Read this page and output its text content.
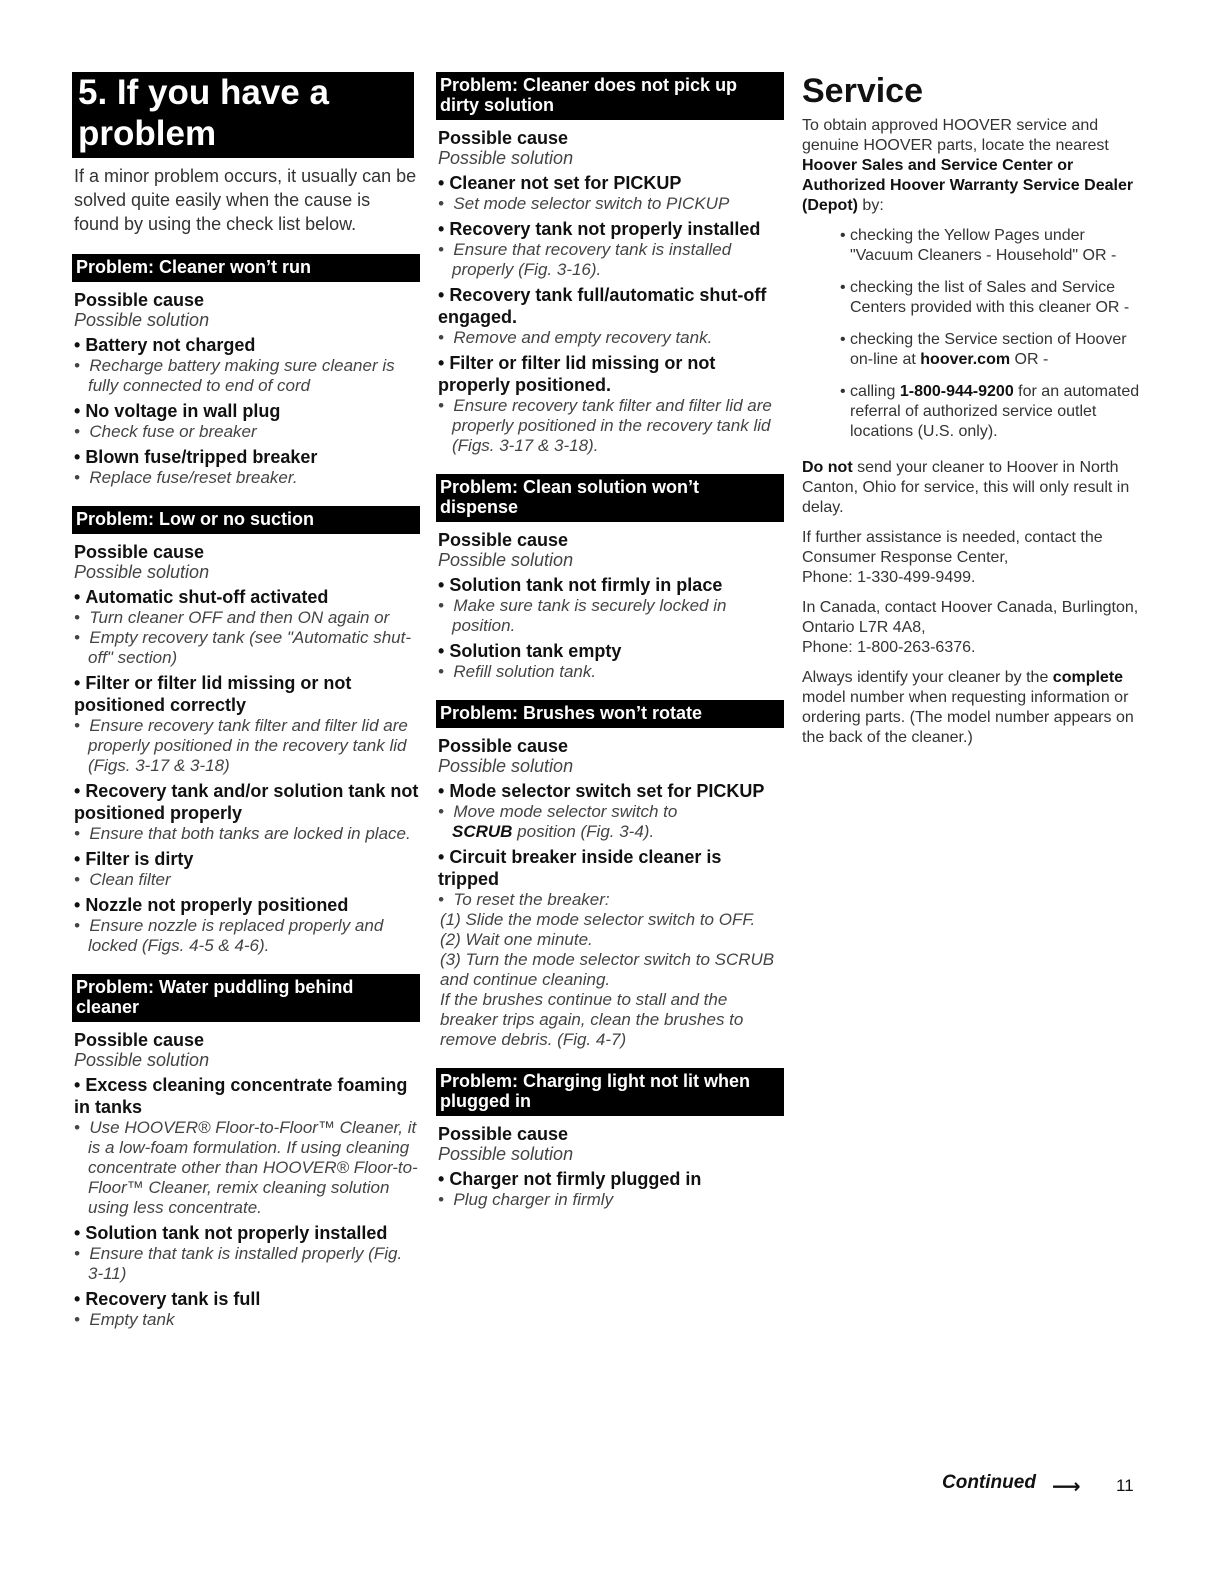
5. If you have a problem
If a minor problem occurs, it usually can be solved quite easily when the cause is found by using the check list below.
Problem: Cleaner won’t run
Possible cause
Possible solution
• Battery not charged
•  Recharge battery making sure cleaner is fully connected to end of cord
• No voltage in wall plug
•  Check fuse or breaker
• Blown fuse/tripped breaker
•  Replace fuse/reset breaker.
Problem: Low or no suction
Possible cause
Possible solution
• Automatic shut-off activated
•  Turn cleaner OFF and then ON again or
•  Empty recovery tank (see "Automatic shut-off" section)
• Filter or filter lid missing or not positioned correctly
•  Ensure recovery tank filter and filter lid are properly positioned in the recovery tank lid (Figs. 3-17 & 3-18)
• Recovery tank and/or solution tank not positioned properly
•  Ensure that both tanks are locked in place.
• Filter is dirty
•  Clean filter
• Nozzle not properly positioned
•  Ensure nozzle is replaced properly and locked (Figs. 4-5 & 4-6).
Problem: Water puddling behind cleaner
Possible cause
Possible solution
• Excess cleaning concentrate foaming in tanks
•  Use HOOVER® Floor-to-Floor™ Cleaner, it is a low-foam formulation. If using cleaning concentrate other than HOOVER® Floor-to-Floor™ Cleaner, remix cleaning solution using less concentrate.
• Solution tank not properly installed
•  Ensure that tank is installed properly (Fig. 3-11)
• Recovery tank is full
•  Empty tank
Problem: Cleaner does not pick up dirty solution
Possible cause
Possible solution
• Cleaner not set for PICKUP
•  Set mode selector switch to PICKUP
• Recovery tank not properly installed
•  Ensure that recovery tank is installed properly (Fig. 3-16).
• Recovery tank full/automatic shut-off engaged.
•  Remove and empty recovery tank.
• Filter or filter lid missing or not properly positioned.
•  Ensure recovery tank filter and filter lid are properly positioned in the recovery tank lid (Figs. 3-17 & 3-18).
Problem: Clean solution won’t dispense
Possible cause
Possible solution
• Solution tank not firmly in place
•  Make sure tank is securely locked in position.
• Solution tank empty
•  Refill solution tank.
Problem: Brushes won’t rotate
Possible cause
Possible solution
• Mode selector switch set for PICKUP
•  Move mode selector switch to
SCRUB position (Fig. 3-4).
• Circuit breaker inside cleaner is tripped
•  To reset the breaker:
(1) Slide the mode selector switch to OFF.
(2) Wait one minute.
(3) Turn the mode selector switch to SCRUB and continue cleaning.
If the brushes continue to stall and the breaker trips again, clean the brushes to remove debris. (Fig. 4-7)
Problem: Charging light not lit when plugged in
Possible cause
Possible solution
• Charger not firmly plugged in
•  Plug charger in firmly
Service

To obtain approved HOOVER service and genuine HOOVER parts, locate the nearest Hoover Sales and Service Center or Authorized Hoover Warranty Service Dealer (Depot) by:

• checking the Yellow Pages under "Vacuum Cleaners - Household" OR -
• checking the list of Sales and Service Centers provided with this cleaner OR -
• checking the Service section of Hoover on-line at hoover.com OR -
• calling 1-800-944-9200 for an automated referral of authorized service outlet locations (U.S. only).

Do not send your cleaner to Hoover in North Canton, Ohio for service, this will only result in delay.

If further assistance is needed, contact the Consumer Response Center,
Phone: 1-330-499-9499.

In Canada, contact Hoover Canada, Burlington, Ontario L7R 4A8,
Phone: 1-800-263-6376.

Always identify your cleaner by the complete model number when requesting information or ordering parts. (The model number appears on the back of the cleaner.)

Continued ⟶ 11
